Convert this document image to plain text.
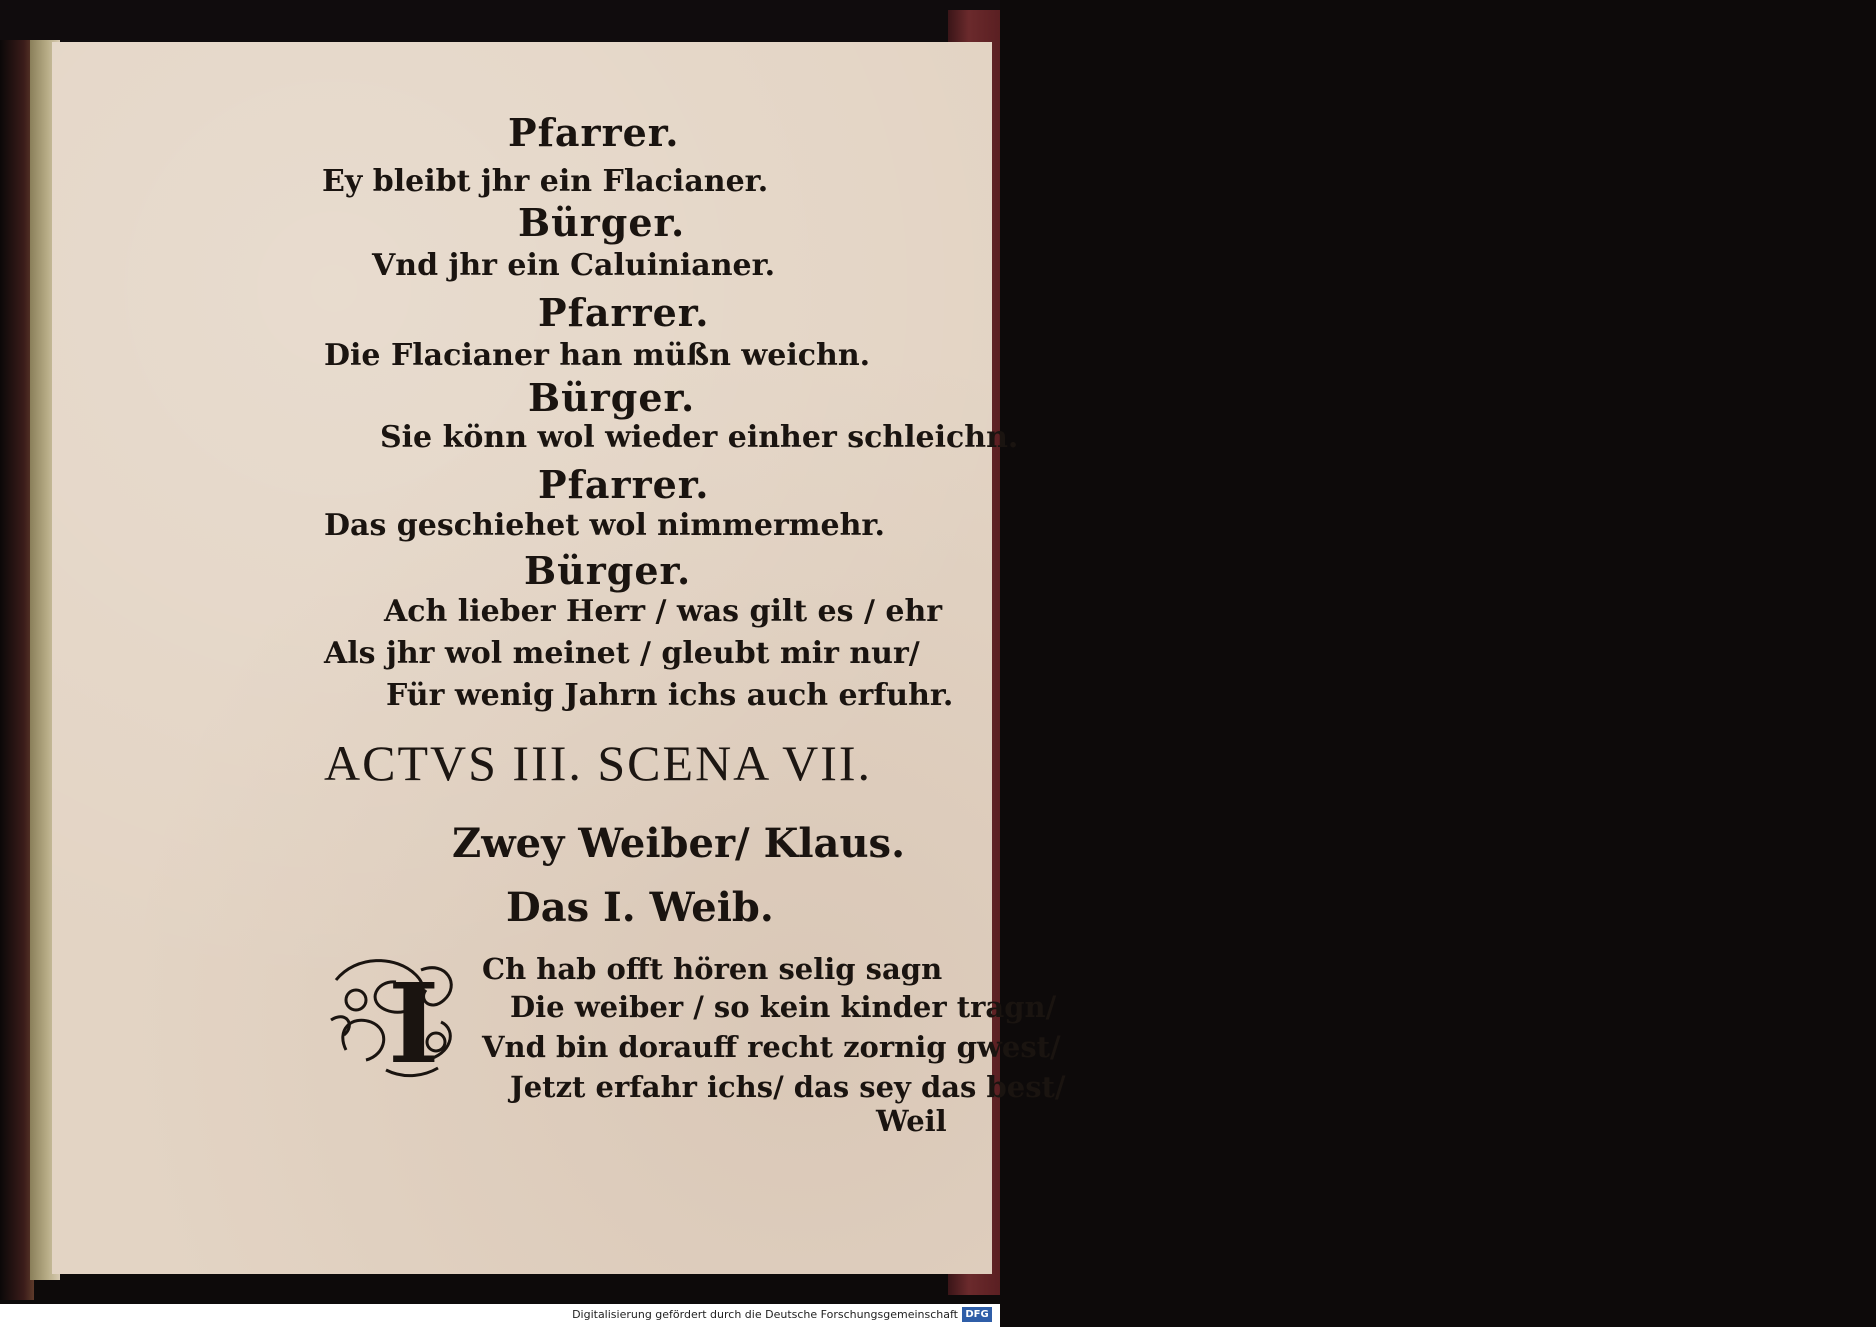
Pfarrer.
Ey bleibt jhr ein Flacianer.
Bürger.
Vnd jhr ein Caluinianer.
Pfarrer.
Die Flacianer han müßn weichn.
Bürger.
Sie könn wol wieder einher schleichn.
Pfarrer.
Das geschiehet wol nimmermehr.
Bürger.
Ach lieber Herr / was gilt es / ehr
Als jhr wol meinet / gleubt mir nur/
Für wenig Jahrn ichs auch erfuhr.
ACTVS III. SCENA VII.
Zwey Weiber/ Klaus.
Das I. Weib.
I Ch hab offt hören selig sagn
Die weiber / so kein kinder tragn/
Vnd bin dorauff recht zornig gwest/
Jetzt erfahr ichs/ das sey das best/
Weil
Digitalisierung gefördert durch die Deutsche Forschungsgemeinschaft DFG
